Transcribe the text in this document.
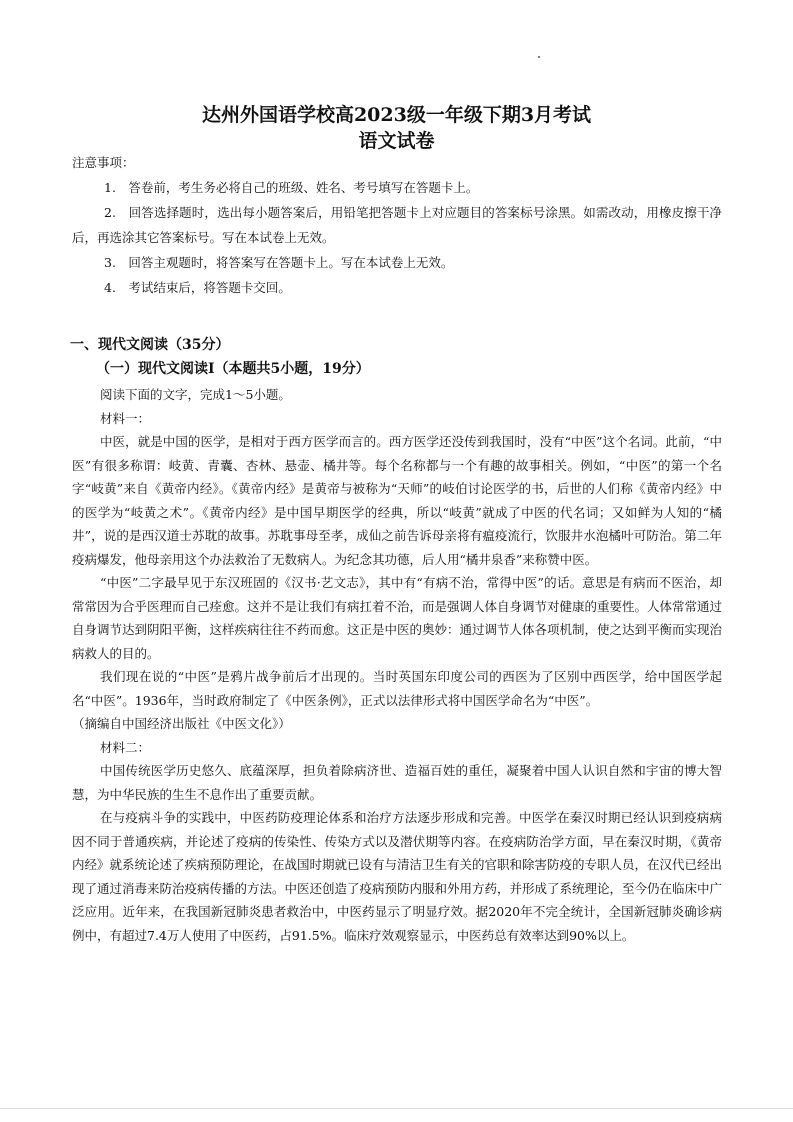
达州外国语学校高2023级一年级下期3月考试
语文试卷
注意事项：
1.　答卷前，考生务必将自己的班级、姓名、考号填写在答题卡上。
2.　回答选择题时，选出每小题答案后，用铅笔把答题卡上对应题目的答案标号涂黑。如需改动，用橡皮擦干净后，再选涂其它答案标号。写在本试卷上无效。
3.　回答主观题时，将答案写在答题卡上。写在本试卷上无效。
4.　考试结束后，将答题卡交回。
一、现代文阅读（35分）
（一）现代文阅读Ⅰ（本题共5小题，19分）

阅读下面的文字，完成1～5小题。

材料一：

中医，就是中国的医学，是相对于西方医学而言的。西方医学还没传到我国时，没有“中医”这个名词。此前，“中医”有很多称谓：岐黄、青囊、杏林、悬壶、橘井等。每个名称都与一个有趣的故事相关。例如，“中医”的第一个名字“岐黄”来自《黄帝内经》。《黄帝内经》是黄帝与被称为“天师”的岐伯讨论医学的书，后世的人们称《黄帝内经》中的医学为“岐黄之术”。《黄帝内经》是中国早期医学的经典，所以“岐黄”就成了中医的代名词；又如鲜为人知的“橘井”，说的是西汉道士苏耽的故事。苏耽事母至孝，成仙之前告诉母亲将有瘟疫流行，饮服井水泡橘叶可防治。第二年疫病爆发，他母亲用这个办法救治了无数病人。为纪念其功德，后人用“橘井泉香”来称赞中医。

“中医”二字最早见于东汉班固的《汉书·艺文志》，其中有“有病不治，常得中医”的话。意思是有病而不医治，却常常因为合乎医理而自己痊愈。这并不是让我们有病扛着不治，而是强调人体自身调节对健康的重要性。人体常常通过自身调节达到阴阳平衡，这样疾病往往不药而愈。这正是中医的奥妙：通过调节人体各项机制，使之达到平衡而实现治病救人的目的。

我们现在说的“中医”是鸦片战争前后才出现的。当时英国东印度公司的西医为了区别中西医学，给中国医学起名“中医”。1936年，当时政府制定了《中医条例》，正式以法律形式将中国医学命名为“中医”。

（摘编自中国经济出版社《中医文化》）

材料二：

中国传统医学历史悠久、底蕴深厚，担负着除病济世、造福百姓的重任，凝聚着中国人认识自然和宇宙的博大智慧，为中华民族的生生不息作出了重要贡献。

在与疫病斗争的实践中，中医药防疫理论体系和治疗方法逐步形成和完善。中医学在秦汉时期已经认识到疫病病因不同于普通疾病，并论述了疫病的传染性、传染方式以及潜伏期等内容。在疫病防治学方面，早在秦汉时期，《黄帝内经》就系统论述了疾病预防理论，在战国时期就已设有与清洁卫生有关的官职和除害防疫的专职人员，在汉代已经出现了通过消毒来防治疫病传播的方法。中医还创造了疫病预防内服和外用方药，并形成了系统理论，至今仍在临床中广泛应用。近年来，在我国新冠肺炎患者救治中，中医药显示了明显疗效。据2020年不完全统计，全国新冠肺炎确诊病例中，有超过7.4万人使用了中医药，占91.5%。临床疗效观察显示，中医药总有效率达到90%以上。
